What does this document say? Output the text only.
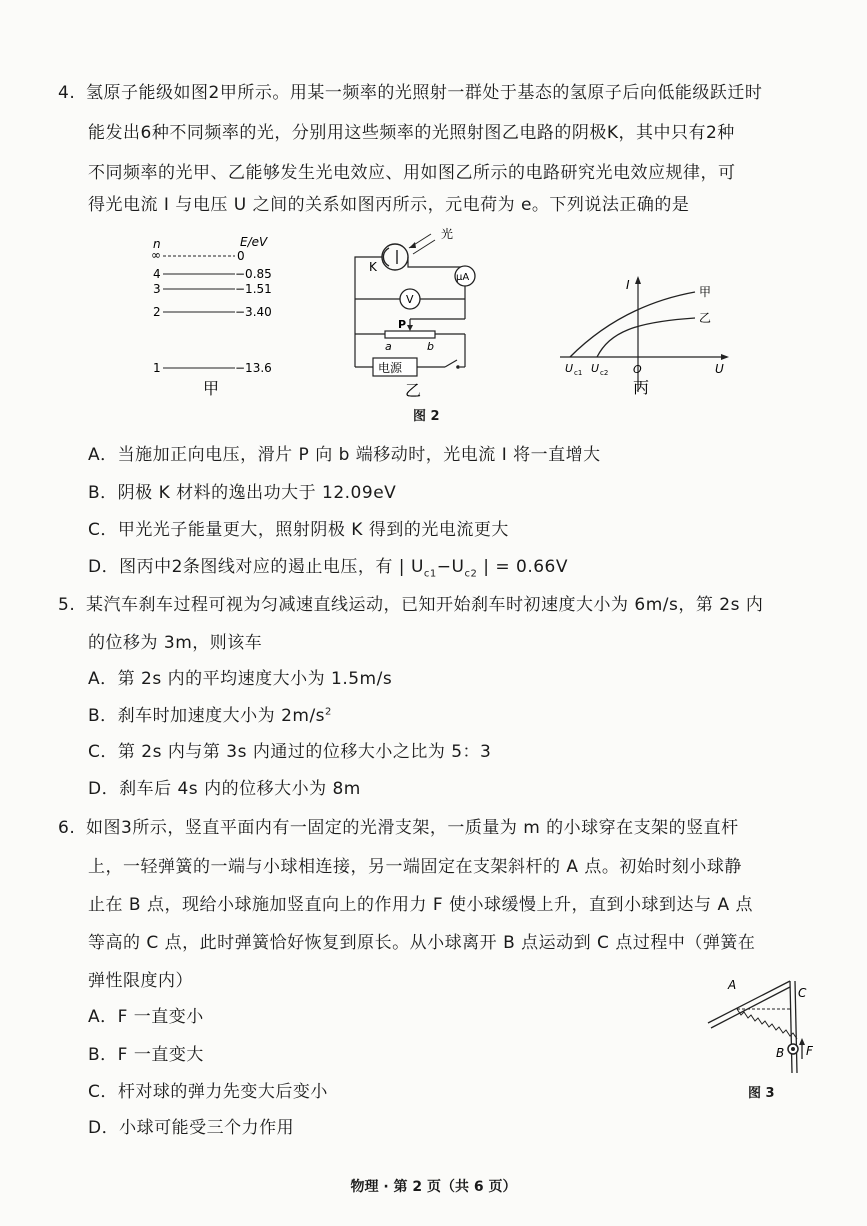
4. 氢原子能级如图2甲所示。用某一频率的光照射一群处于基态的氢原子后向低能级跃迁时
能发出6种不同频率的光，分别用这些频率的光照射图乙电路的阴极K，其中只有2种
不同频率的光甲、乙能够发生光电效应、用如图乙所示的电路研究光电效应规律，可
得光电流 I 与电压 U 之间的关系如图丙所示，元电荷为 e。下列说法正确的是
n	E/eV
∞	0
4	−0.85
3	−1.51
2	−3.40
1	−13.6
甲
K
光
μA
V
P
a	b
电源
乙
I
U
O
甲
乙
U c1 U c2
丙
图 2
A．当施加正向电压，滑片 P 向 b 端移动时，光电流 I 将一直增大
B．阴极 K 材料的逸出功大于 12.09eV
C．甲光光子能量更大，照射阴极 K 得到的光电流更大
D．图丙中2条图线对应的遏止电压，有 | $U_{c1}-U_{c2}$ | = 0.66V
5. 某汽车刹车过程可视为匀减速直线运动，已知开始刹车时初速度大小为 6m/s，第 2s 内
的位移为 3m，则该车
A．第 2s 内的平均速度大小为 1.5m/s
B．刹车时加速度大小为 $2m/s^2$
C．第 2s 内与第 3s 内通过的位移大小之比为 5：3
D．刹车后 4s 内的位移大小为 8m
6. 如图3所示，竖直平面内有一固定的光滑支架，一质量为 m 的小球穿在支架的竖直杆
上，一轻弹簧的一端与小球相连接，另一端固定在支架斜杆的 A 点。初始时刻小球静
止在 B 点，现给小球施加竖直向上的作用力 F 使小球缓慢上升，直到小球到达与 A 点
等高的 C 点，此时弹簧恰好恢复到原长。从小球离开 B 点运动到 C 点过程中（弹簧在
弹性限度内）
A．F 一直变小
B．F 一直变大
C．杆对球的弹力先变大后变小
D．小球可能受三个力作用
A
C
B F
图 3
物理 · 第 2 页（共 6 页）
